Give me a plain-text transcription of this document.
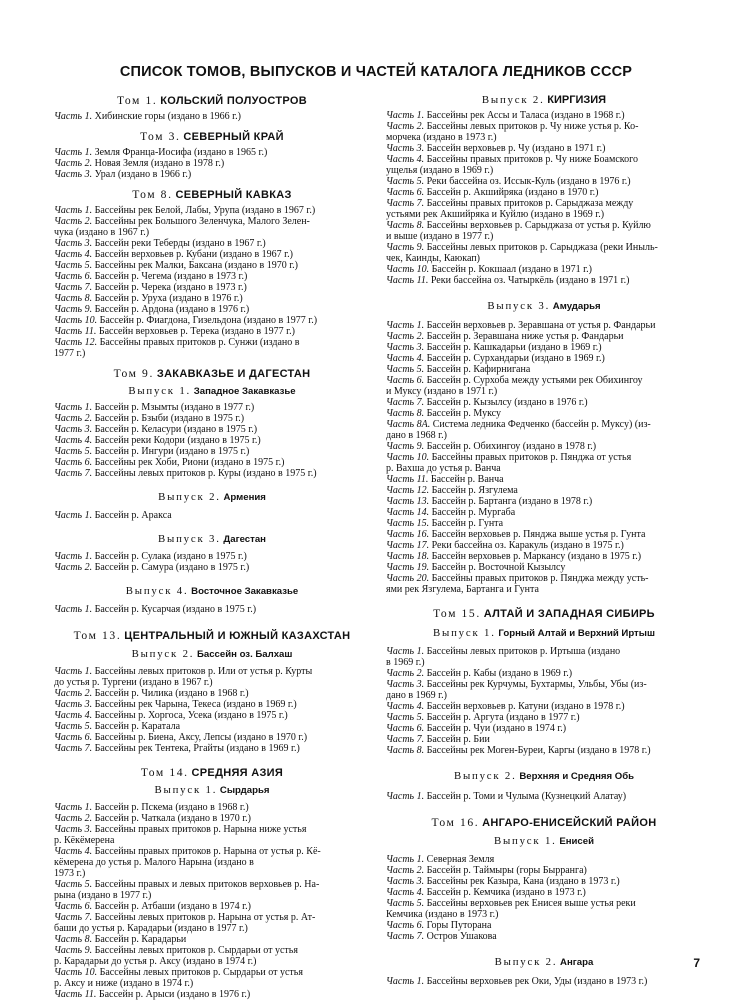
СПИСОК ТОМОВ, ВЫПУСКОВ И ЧАСТЕЙ КАТАЛОГА ЛЕДНИКОВ СССР
Том 1. КОЛЬСКИЙ ПОЛУОСТРОВ
Часть 1. Хибинские горы (издано в 1966 г.)
Том 3. СЕВЕРНЫЙ КРАЙ
Часть 1. Земля Франца-Иосифа (издано в 1965 г.)
Часть 2. Новая Земля (издано в 1978 г.)
Часть 3. Урал (издано в 1966 г.)
Том 8. СЕВЕРНЫЙ КАВКАЗ
Часть 1. Бассейны рек Белой, Лабы, Урупа (издано в 1967 г.)
Часть 2. Бассейны рек Большого Зеленчука, Малого Зелен-
чука (издано в 1967 г.)
Часть 3. Бассейн реки Теберды (издано в 1967 г.)
Часть 4. Бассейн верховьев р. Кубани (издано в 1967 г.)
Часть 5. Бассейны рек Малки, Баксана (издано в 1970 г.)
Часть 6. Бассейн р. Чегема (издано в 1973 г.)
Часть 7. Бассейн р. Черека (издано в 1973 г.)
Часть 8. Бассейн р. Уруха (издано в 1976 г.)
Часть 9. Бассейн р. Ардона (издано в 1976 г.)
Часть 10. Бассейн р. Фиагдона, Гизельдона (издано в 1977 г.)
Часть 11. Бассейн верховьев р. Терека (издано в 1977 г.)
Часть 12. Бассейны правых притоков р. Сунжи (издано в
1977 г.)
Том 9. ЗАКАВКАЗЬЕ И ДАГЕСТАН
Выпуск 1. Западное Закавказье
Часть 1. Бассейн р. Мзымты (издано в 1977 г.)
Часть 2. Бассейн р. Бзыби (издано в 1975 г.)
Часть 3. Бассейн р. Келасури (издано в 1975 г.)
Часть 4. Бассейн реки Кодори (издано в 1975 г.)
Часть 5. Бассейн р. Ингури (издано в 1975 г.)
Часть 6. Бассейны рек Хоби, Риони (издано в 1975 г.)
Часть 7. Бассейны левых притоков р. Куры (издано в 1975 г.)
Выпуск 2. Армения
Часть 1. Бассейн р. Аракса
Выпуск 3. Дагестан
Часть 1. Бассейн р. Сулака (издано в 1975 г.)
Часть 2. Бассейн р. Самура (издано в 1975 г.)
Выпуск 4. Восточное Закавказье
Часть 1. Бассейн р. Кусарчая (издано в 1975 г.)
Том 13. ЦЕНТРАЛЬНЫЙ И ЮЖНЫЙ КАЗАХСТАН
Выпуск 2. Бассейн оз. Балхаш
Часть 1. Бассейны левых притоков р. Или от устья р. Курты
до устья р. Тургени (издано в 1967 г.)
Часть 2. Бассейн р. Чилика (издано в 1968 г.)
Часть 3. Бассейны рек Чарына, Текеса (издано в 1969 г.)
Часть 4. Бассейны р. Хоргоса, Усека (издано в 1975 г.)
Часть 5. Бассейн р. Каратала
Часть 6. Бассейны р. Биена, Аксу, Лепсы (издано в 1970 г.)
Часть 7. Бассейны рек Тентека, Ргайты (издано в 1969 г.)
Том 14. СРЕДНЯЯ АЗИЯ
Выпуск 1. Сырдарья
Часть 1. Бассейн р. Пскема (издано в 1968 г.)
Часть 2. Бассейн р. Чаткала (издано в 1970 г.)
Часть 3. Бассейны правых притоков р. Нарына ниже устья
р. Кёкёмерена
Часть 4. Бассейны правых притоков р. Нарына от устья р. Кё-
кёмерена до устья р. Малого Нарына (издано в
1973 г.)
Часть 5. Бассейны правых и левых притоков верховьев р. На-
рына (издано в 1977 г.)
Часть 6. Бассейн р. Атбаши (издано в 1974 г.)
Часть 7. Бассейны левых притоков р. Нарына от устья р. Ат-
баши до устья р. Карадарьи (издано в 1977 г.)
Часть 8. Бассейн р. Карадарьи
Часть 9. Бассейны левых притоков р. Сырдарьи от устья
р. Карадарьи до устья р. Аксу (издано в 1974 г.)
Часть 10. Бассейны левых притоков р. Сырдарьи от устья
р. Аксу и ниже (издано в 1974 г.)
Часть 11. Бассейн р. Арыси (издано в 1976 г.)
Выпуск 2. КИРГИЗИЯ
Часть 1. Бассейны рек Ассы и Таласа (издано в 1968 г.)
Часть 2. Бассейны левых притоков р. Чу ниже устья р. Ко-
морчека (издано в 1973 г.)
Часть 3. Бассейн верховьев р. Чу (издано в 1971 г.)
Часть 4. Бассейны правых притоков р. Чу ниже Боамского
ущелья (издано в 1969 г.)
Часть 5. Реки бассейна оз. Иссык-Куль (издано в 1976 г.)
Часть 6. Бассейн р. Акшийряка (издано в 1970 г.)
Часть 7. Бассейны правых притоков р. Сарыджаза между
устьями рек Акшийряка и Куйлю (издано в 1969 г.)
Часть 8. Бассейны верховьев р. Сарыджаза от устья р. Куйлю
и выше (издано в 1977 г.)
Часть 9. Бассейны левых притоков р. Сарыджаза (реки Иныль-
чек, Каинды, Каюкап)
Часть 10. Бассейн р. Кокшаал (издано в 1971 г.)
Часть 11. Реки бассейна оз. Чатыркёль (издано в 1971 г.)
Выпуск 3. Амударья
Часть 1. Бассейн верховьев р. Зеравшана от устья р. Фандарьи
Часть 2. Бассейн р. Зеравшана ниже устья р. Фандарьи
Часть 3. Бассейн р. Кашкадарьи (издано в 1969 г.)
Часть 4. Бассейн р. Сурхандарьи (издано в 1969 г.)
Часть 5. Бассейн р. Кафирнигана
Часть 6. Бассейн р. Сурхоба между устьями рек Обихингоу
и Муксу (издано в 1971 г.)
Часть 7. Бассейн р. Кызылсу (издано в 1976 г.)
Часть 8. Бассейн р. Муксу
Часть 8А. Система ледника Федченко (бассейн р. Муксу) (из-
дано в 1968 г.)
Часть 9. Бассейн р. Обихингоу (издано в 1978 г.)
Часть 10. Бассейны правых притоков р. Пянджа от устья
р. Вахша до устья р. Ванча
Часть 11. Бассейн р. Ванча
Часть 12. Бассейн р. Язгулема
Часть 13. Бассейн р. Бартанга (издано в 1978 г.)
Часть 14. Бассейн р. Мургаба
Часть 15. Бассейн р. Гунта
Часть 16. Бассейн верховьев р. Пянджа выше устья р. Гунта
Часть 17. Реки бассейна оз. Каракуль (издано в 1975 г.)
Часть 18. Бассейн верховьев р. Маркансу (издано в 1975 г.)
Часть 19. Бассейн р. Восточной Кызылсу
Часть 20. Бассейны правых притоков р. Пянджа между усть-
ями рек Язгулема, Бартанга и Гунта
Том 15. АЛТАЙ И ЗАПАДНАЯ СИБИРЬ
Выпуск 1. Горный Алтай и Верхний Иртыш
Часть 1. Бассейны левых притоков р. Иртыша (издано
в 1969 г.)
Часть 2. Бассейн р. Кабы (издано в 1969 г.)
Часть 3. Бассейны рек Курчумы, Бухтармы, Ульбы, Убы (из-
дано в 1969 г.)
Часть 4. Бассейн верховьев р. Катуни (издано в 1978 г.)
Часть 5. Бассейн р. Аргута (издано в 1977 г.)
Часть 6. Бассейн р. Чуи (издано в 1974 г.)
Часть 7. Бассейн р. Бии
Часть 8. Бассейны рек Моген-Буреи, Каргы (издано в 1978 г.)
Выпуск 2. Верхняя и Средняя Обь
Часть 1. Бассейн р. Томи и Чулыма (Кузнецкий Алатау)
Том 16. АНГАРО-ЕНИСЕЙСКИЙ РАЙОН
Выпуск 1. Енисей
Часть 1. Северная Земля
Часть 2. Бассейн р. Таймыры (горы Бырранга)
Часть 3. Бассейны рек Казыра, Кана (издано в 1973 г.)
Часть 4. Бассейн р. Кемчика (издано в 1973 г.)
Часть 5. Бассейны верховьев рек Енисея выше устья реки
Кемчика (издано в 1973 г.)
Часть 6. Горы Путорана
Часть 7. Остров Ушакова
Выпуск 2. Ангара
Часть 1. Бассейны верховьев рек Оки, Уды (издано в 1973 г.)
7
